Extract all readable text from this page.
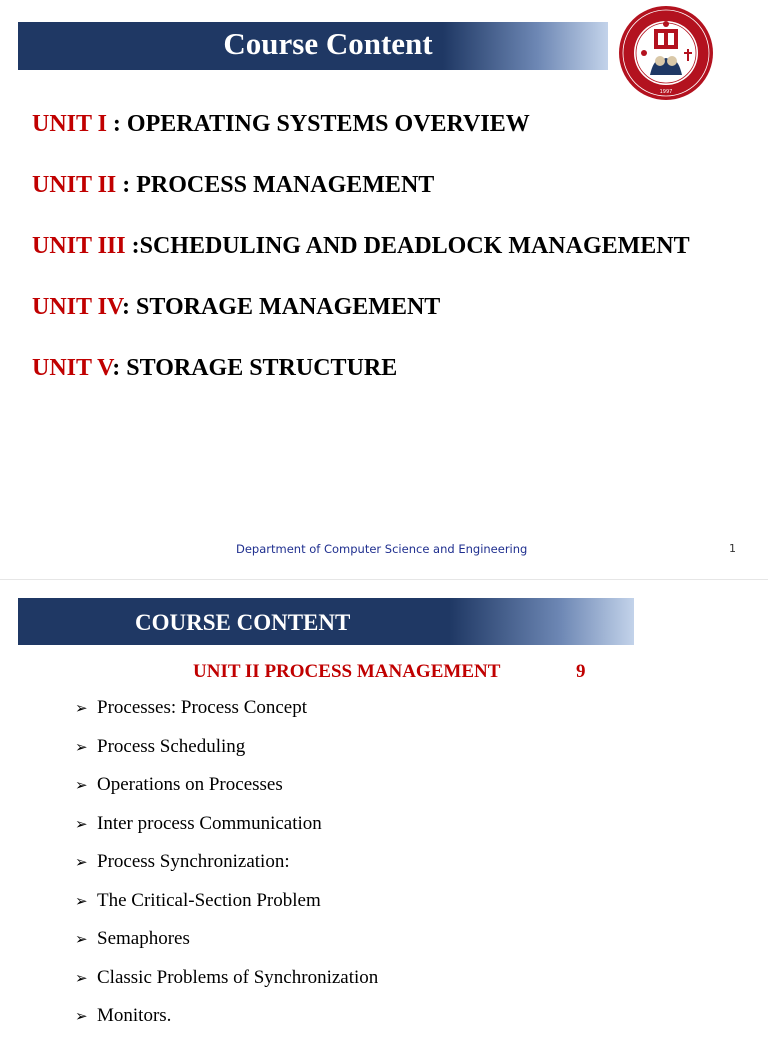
Course Content
1997
UNIT I : OPERATING SYSTEMS OVERVIEW
UNIT II : PROCESS MANAGEMENT
UNIT III :SCHEDULING AND DEADLOCK MANAGEMENT
UNIT IV: STORAGE MANAGEMENT
UNIT V: STORAGE STRUCTURE
Department of Computer Science and Engineering	1
COURSE CONTENT
UNIT II PROCESS MANAGEMENT	9
➢ Processes: Process Concept
➢ Process Scheduling
➢ Operations on Processes
➢ Inter process Communication
➢ Process Synchronization:
➢ The Critical-Section Problem
➢ Semaphores
➢ Classic Problems of Synchronization
➢ Monitors.
